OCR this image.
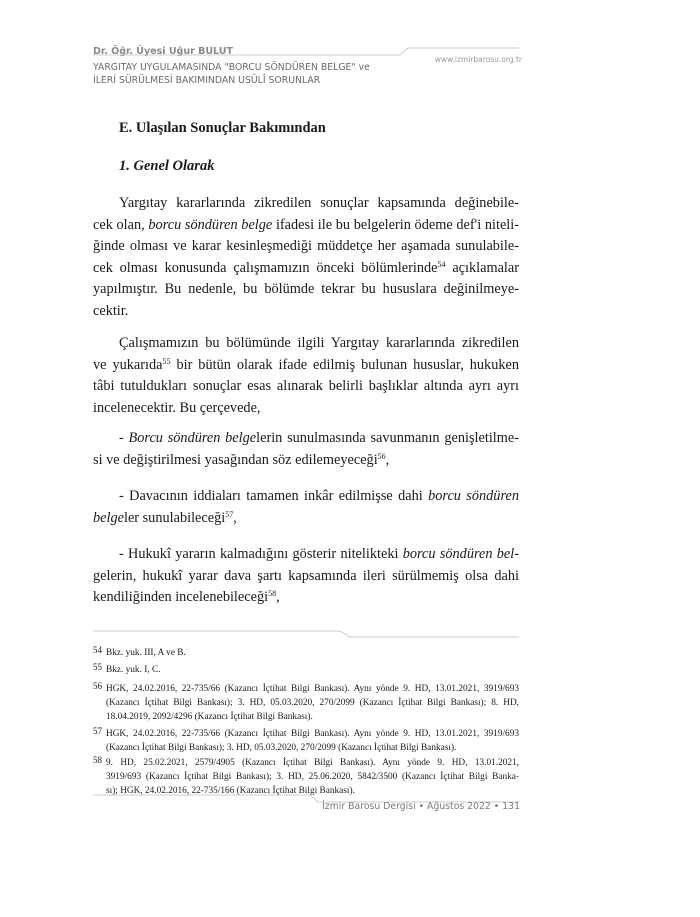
Dr. Öğr. Üyesi Uğur BULUT
YARGITAY UYGULAMASINDA "BORCU SÖNDÜREN BELGE" ve
İLERİ SÜRÜLMESİ BAKIMINDAN USÛLÎ SORUNLAR
www.izmirbarosu.org.tr
E. Ulaşılan Sonuçlar Bakımından
1. Genel Olarak
Yargıtay kararlarında zikredilen sonuçlar kapsamında değinebile-
cek olan, borcu söndüren belge ifadesi ile bu belgelerin ödeme def'i niteli-
ğinde olması ve karar kesinleşmediği müddetçe her aşamada sunulabile-
cek olması konusunda çalışmamızın önceki bölümlerinde$^{54}$ açıklamalar
yapılmıştır. Bu nedenle, bu bölümde tekrar bu hususlara değinilmeye-
cektir.
Çalışmamızın bu bölümünde ilgili Yargıtay kararlarında zikredilen
ve yukarıda$^{55}$ bir bütün olarak ifade edilmiş bulunan hususlar, hukuken
tâbi tutuldukları sonuçlar esas alınarak belirli başlıklar altında ayrı ayrı
incelenecektir. Bu çerçevede,
- Borcu söndüren belgelerin sunulmasında savunmanın genişletilme-
si ve değiştirilmesi yasağından söz edilemeyeceği$^{56}$,
- Davacının iddiaları tamamen inkâr edilmişse dahi borcu söndüren
belgeler sunulabileceği$^{57}$,
- Hukukî yararın kalmadığını gösterir nitelikteki borcu söndüren bel-
gelerin, hukukî yarar dava şartı kapsamında ileri sürülmemiş olsa dahi
kendiliğinden incelenebileceği$^{58}$,
54 Bkz. yuk. III, A ve B.
55 Bkz. yuk. I, C.
56 HGK, 24.02.2016, 22-735/66 (Kazancı İçtihat Bilgi Bankası). Aynı yönde 9. HD, 13.01.2021, 3919/693
(Kazancı İçtihat Bilgi Bankası); 3. HD, 05.03.2020, 270/2099 (Kazancı İçtihat Bilgi Bankası); 8. HD,
18.04.2019, 2092/4296 (Kazancı İçtihat Bilgi Bankası).
57 HGK, 24.02.2016, 22-735/66 (Kazancı İçtihat Bilgi Bankası). Aynı yönde 9. HD, 13.01.2021, 3919/693
(Kazancı İçtihat Bilgi Bankası); 3. HD, 05.03.2020, 270/2099 (Kazancı İçtihat Bilgi Bankası).
58 9. HD, 25.02.2021, 2579/4905 (Kazancı İçtihat Bilgi Bankası). Aynı yönde 9. HD, 13.01.2021,
3919/693 (Kazancı İçtihat Bilgi Bankası); 3. HD, 25.06.2020, 5842/3500 (Kazancı İçtihat Bilgi Banka-
sı); HGK, 24.02.2016, 22-735/166 (Kazancı İçtihat Bilgi Bankası).
İzmir Barosu Dergisi • Ağustos 2022 • 131
